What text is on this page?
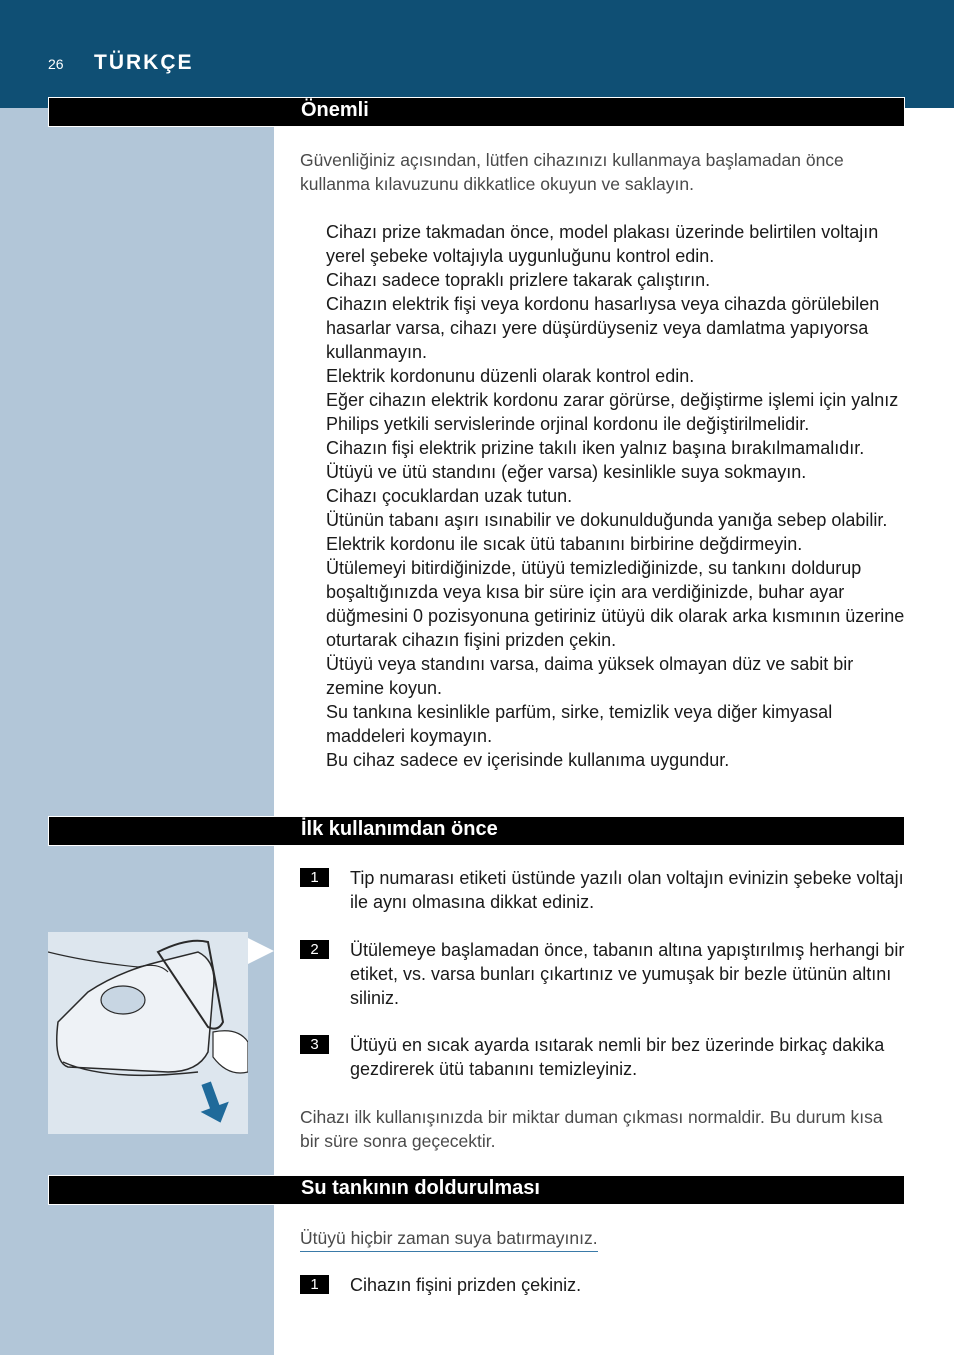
26 TÜRKÇE
Önemli
Güvenliğiniz açısından, lütfen cihazınızı kullanmaya başlamadan önce kullanma kılavuzunu dikkatlice okuyun ve saklayın.
Cihazı prize takmadan önce, model plakası üzerinde belirtilen voltajın yerel şebeke voltajıyla uygunluğunu kontrol edin.
Cihazı sadece topraklı prizlere takarak çalıştırın.
Cihazın elektrik fişi veya kordonu hasarlıysa veya cihazda görülebilen hasarlar varsa, cihazı yere düşürdüyseniz veya damlatma yapıyorsa kullanmayın.
Elektrik kordonunu düzenli olarak kontrol edin.
Eğer cihazın elektrik kordonu zarar görürse, değiştirme işlemi için yalnız Philips yetkili servislerinde orjinal kordonu ile değiştirilmelidir.
Cihazın fişi elektrik prizine takılı iken yalnız başına bırakılmamalıdır.
Ütüyü ve ütü standını (eğer varsa) kesinlikle suya sokmayın.
Cihazı çocuklardan uzak tutun.
Ütünün tabanı aşırı ısınabilir ve dokunulduğunda yanığa sebep olabilir.
Elektrik kordonu ile sıcak ütü tabanını birbirine değdirmeyin.
Ütülemeyi bitirdiğinizde, ütüyü temizlediğinizde, su tankını doldurup boşaltığınızda veya kısa bir süre için ara verdiğinizde, buhar ayar düğmesini 0 pozisyonuna getiriniz ütüyü dik olarak arka kısmının üzerine oturtarak cihazın fişini prizden çekin.
Ütüyü veya standını varsa, daima yüksek olmayan düz ve sabit bir zemine koyun.
Su tankına kesinlikle parfüm, sirke, temizlik veya diğer kimyasal maddeleri koymayın.
Bu cihaz sadece ev içerisinde kullanıma uygundur.
İlk kullanımdan önce
1	Tip numarası etiketi üstünde yazılı olan voltajın evinizin şebeke voltajı ile aynı olmasına dikkat ediniz.
2	Ütülemeye başlamadan önce, tabanın altına yapıştırılmış herhangi bir etiket, vs. varsa bunları çıkartınız ve yumuşak bir bezle ütünün altını siliniz.
3	Ütüyü en sıcak ayarda ısıtarak nemli bir bez üzerinde birkaç dakika gezdirerek ütü tabanını temizleyiniz.
Cihazı ilk kullanışınızda bir miktar duman çıkması normaldir. Bu durum kısa bir süre sonra geçecektir.
Su tankının doldurulması
Ütüyü hiçbir zaman suya batırmayınız.
1	Cihazın fişini prizden çekiniz.
